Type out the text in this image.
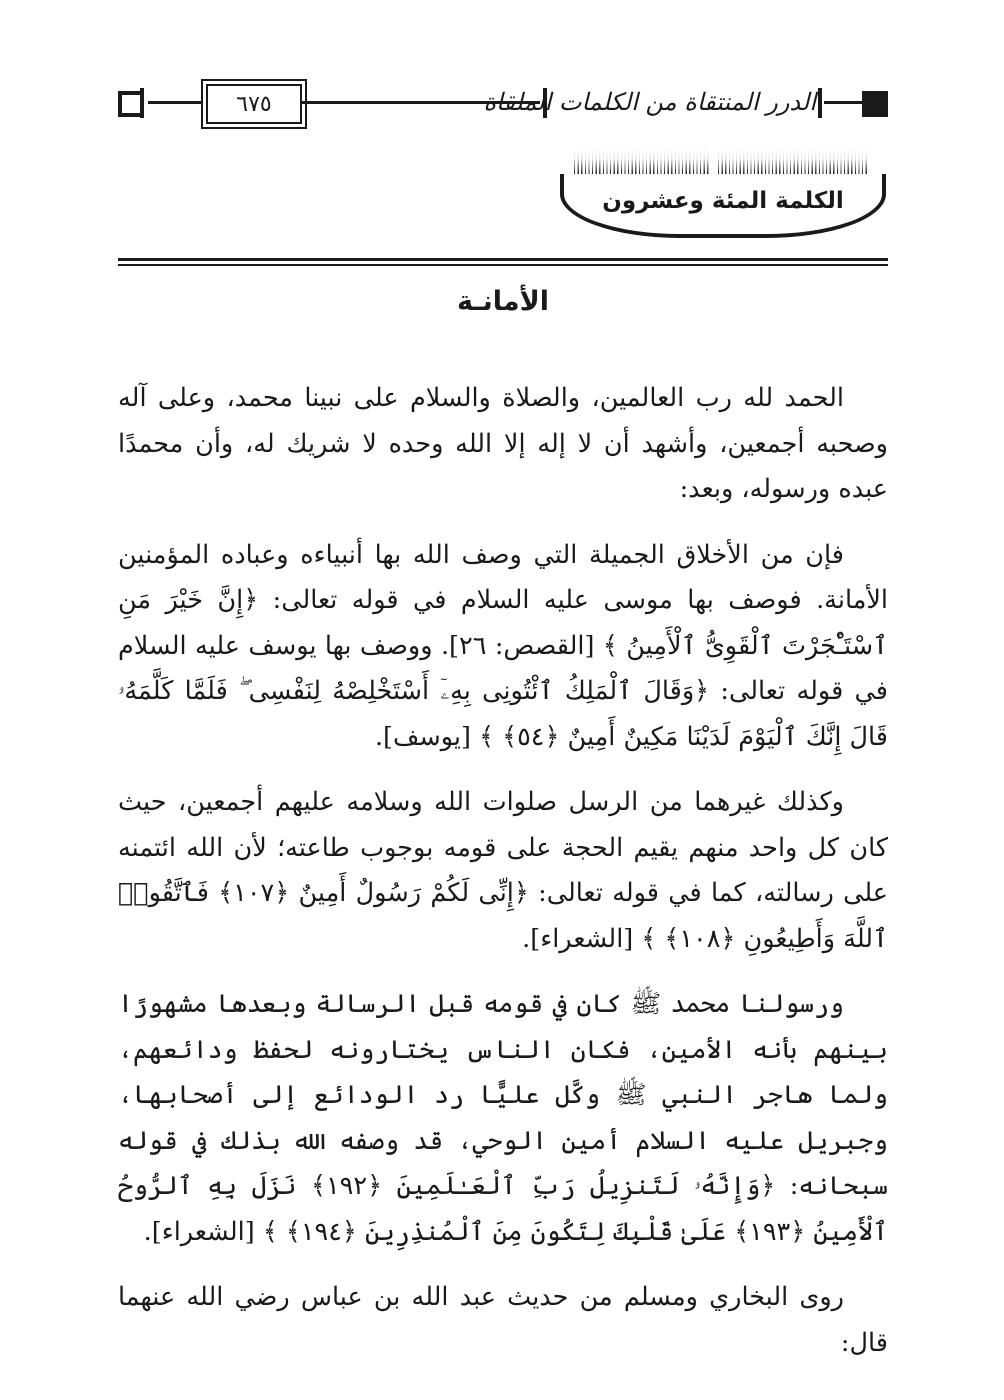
٦٧٥	الدرر المنتقاة من الكلمات الملقاة
الكلمة المئة وعشرون
الأمانـة

الحمد لله رب العالمين، والصلاة والسلام على نبينا محمد، وعلى آله وصحبه أجمعين، وأشهد أن لا إله إلا الله وحده لا شريك له، وأن محمدًا عبده ورسوله، وبعد:

فإن من الأخلاق الجميلة التي وصف الله بها أنبياءه وعباده المؤمنين الأمانة. فوصف بها موسى عليه السلام في قوله تعالى: ﴿إِنَّ خَيْرَ مَنِ ٱسْتَـْٔجَرْتَ ٱلْقَوِىُّ ٱلْأَمِينُ ﴾ [القصص: ٢٦]. ووصف بها يوسف عليه السلام في قوله تعالى: ﴿وَقَالَ ٱلْمَلِكُ ٱئْتُونِى بِهِۦٓ أَسْتَخْلِصْهُ لِنَفْسِى ۖ فَلَمَّا كَلَّمَهُۥ قَالَ إِنَّكَ ٱلْيَوْمَ لَدَيْنَا مَكِينٌ أَمِينٌ ﴿٥٤﴾ ﴾ [يوسف].

وكذلك غيرهما من الرسل صلوات الله وسلامه عليهم أجمعين، حيث كان كل واحد منهم يقيم الحجة على قومه بوجوب طاعته؛ لأن الله ائتمنه على رسالته، كما في قوله تعالى: ﴿إِنِّى لَكُمْ رَسُولٌ أَمِينٌ ﴿١٠٧﴾ فَٱتَّقُوا۟ ٱللَّهَ وَأَطِيعُونِ ﴿١٠٨﴾ ﴾ [الشعراء].

ورسولنا محمد ﷺ كان في قومه قبل الرسالة وبعدها مشهورًا بينهم بأنه الأمين، فكان الناس يختارونه لحفظ ودائعهم، ولما هاجر النبي ﷺ وكَّل عليًّا رد الودائع إلى أصحابها، وجبريل عليه السلام أمين الوحي، قد وصفه الله بذلك في قوله سبحانه: ﴿وَإِنَّهُۥ لَتَنزِيلُ رَبِّ ٱلْعَـٰلَمِينَ ﴿١٩٢﴾ نَزَلَ بِهِ ٱلرُّوحُ ٱلْأَمِينُ ﴿١٩٣﴾ عَلَىٰ قَلْبِكَ لِتَكُونَ مِنَ ٱلْمُنذِرِينَ ﴿١٩٤﴾ ﴾ [الشعراء].

روى البخاري ومسلم من حديث عبد الله بن عباس رضي الله عنهما قال:
